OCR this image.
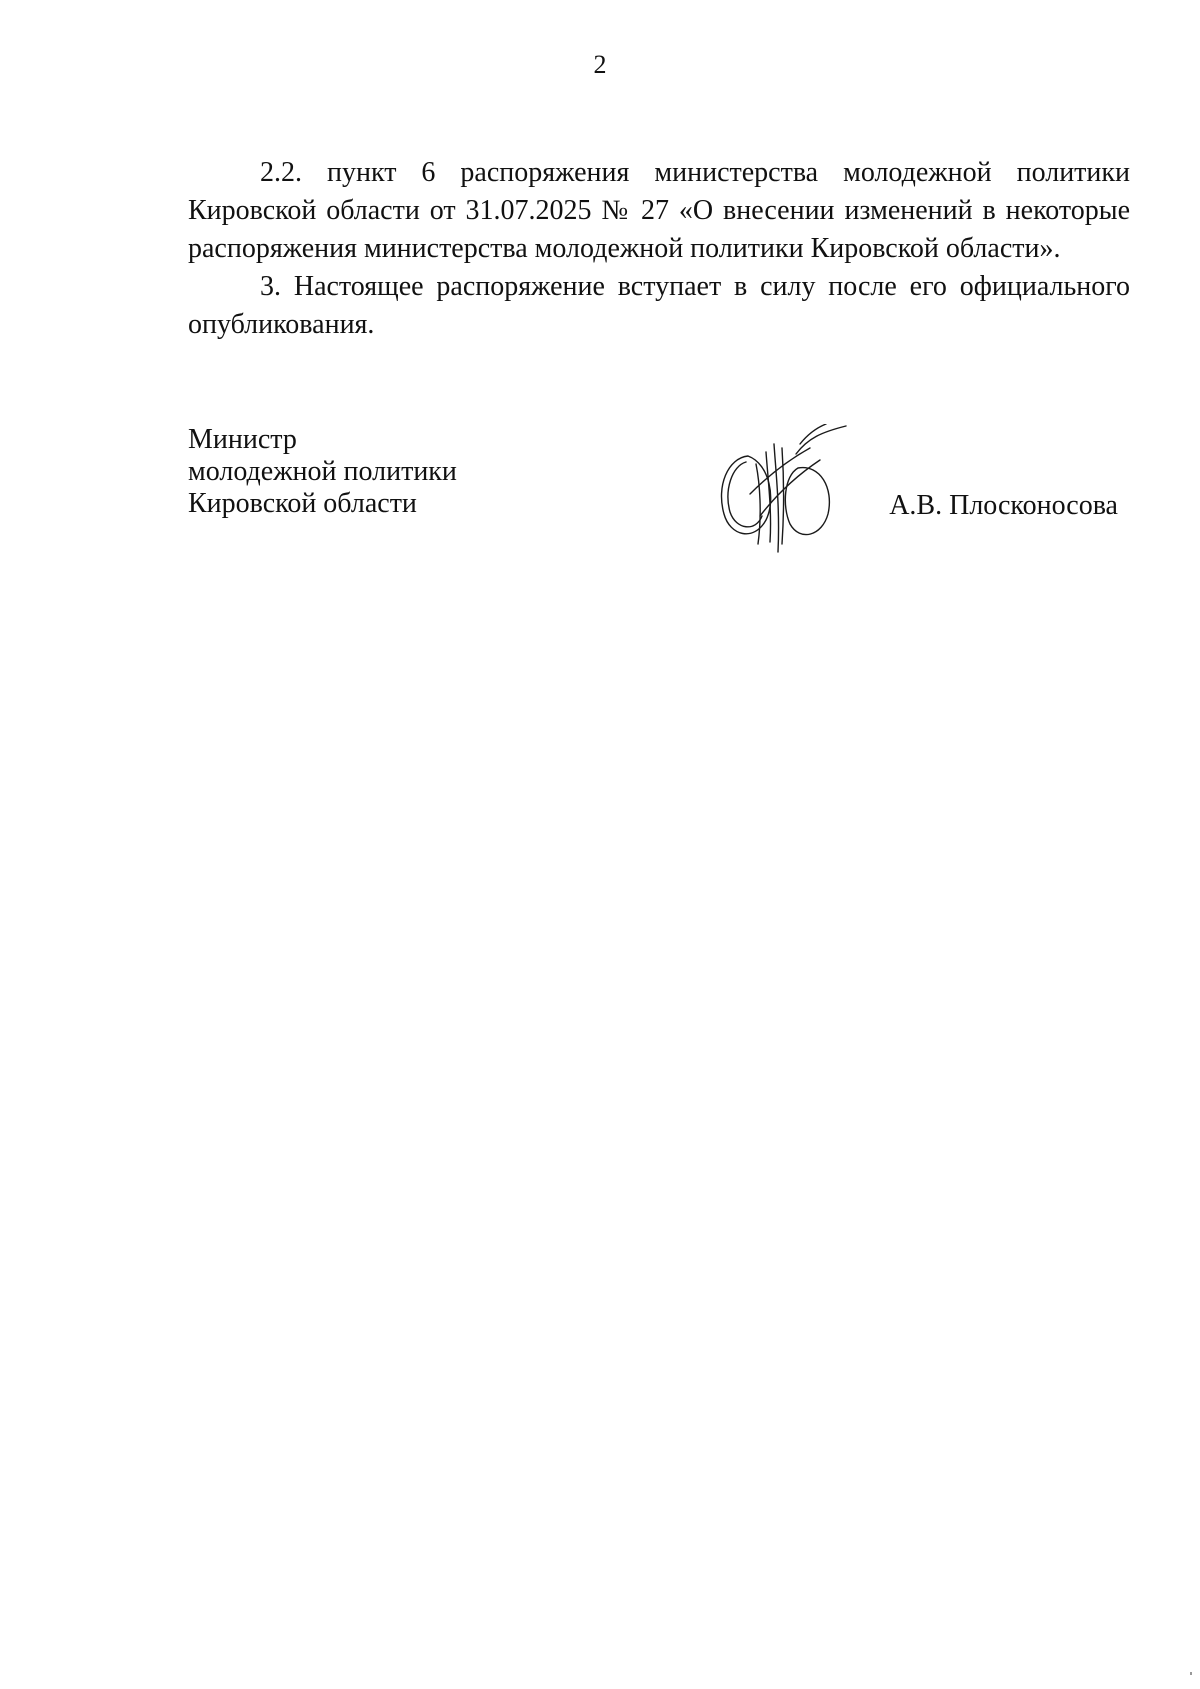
2

2.2. пункт 6 распоряжения министерства молодежной политики Кировской области от 31.07.2025 № 27 «О внесении изменений в некоторые распоряжения министерства молодежной политики Кировской области».

3. Настоящее распоряжение вступает в силу после его официального опубликования.

Министр
молодежной политики
Кировской области	А.В. Плосконосова
